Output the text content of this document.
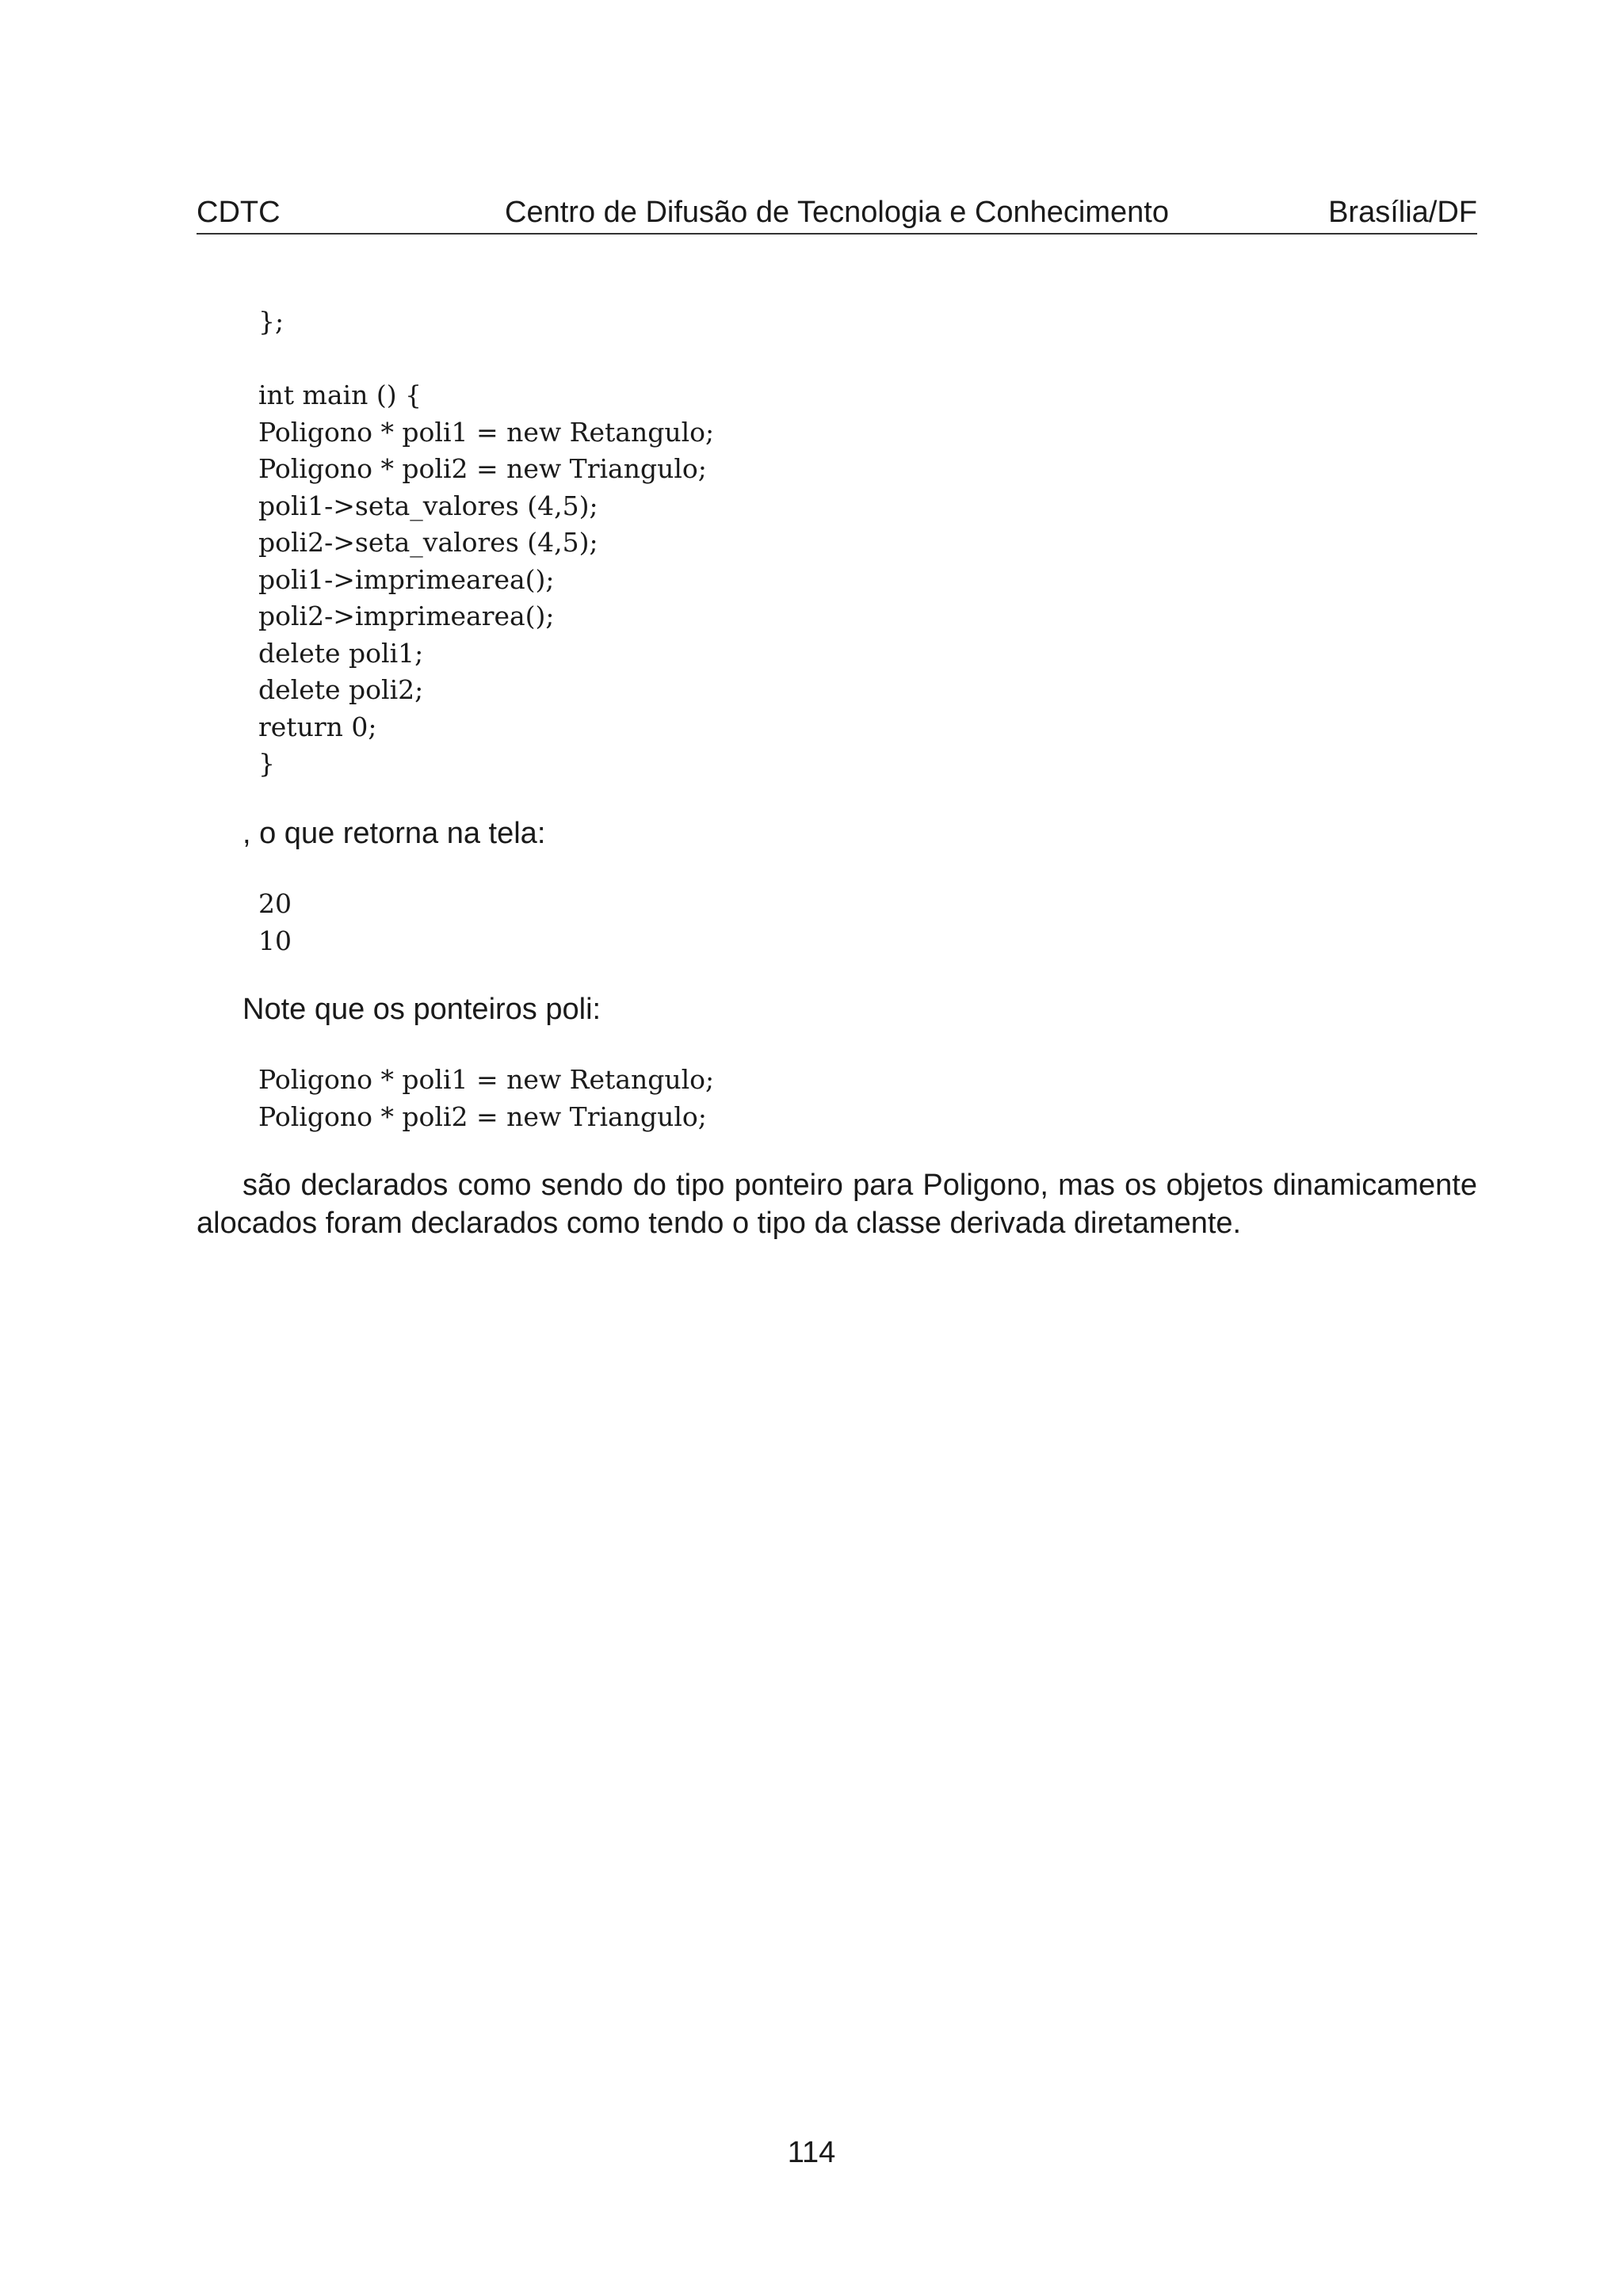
CDTC	Centro de Difusão de Tecnologia e Conhecimento	Brasília/DF
};
int main () {
Poligono * poli1 = new Retangulo;
Poligono * poli2 = new Triangulo;
poli1->seta_valores (4,5);
poli2->seta_valores (4,5);
poli1->imprimearea();
poli2->imprimearea();
delete poli1;
delete poli2;
return 0;
}

, o que retorna na tela:

20
10

Note que os ponteiros poli:

Poligono * poli1 = new Retangulo;
Poligono * poli2 = new Triangulo;

são declarados como sendo do tipo ponteiro para Poligono, mas os objetos dinamicamente alocados foram declarados como tendo o tipo da classe derivada diretamente.

114
